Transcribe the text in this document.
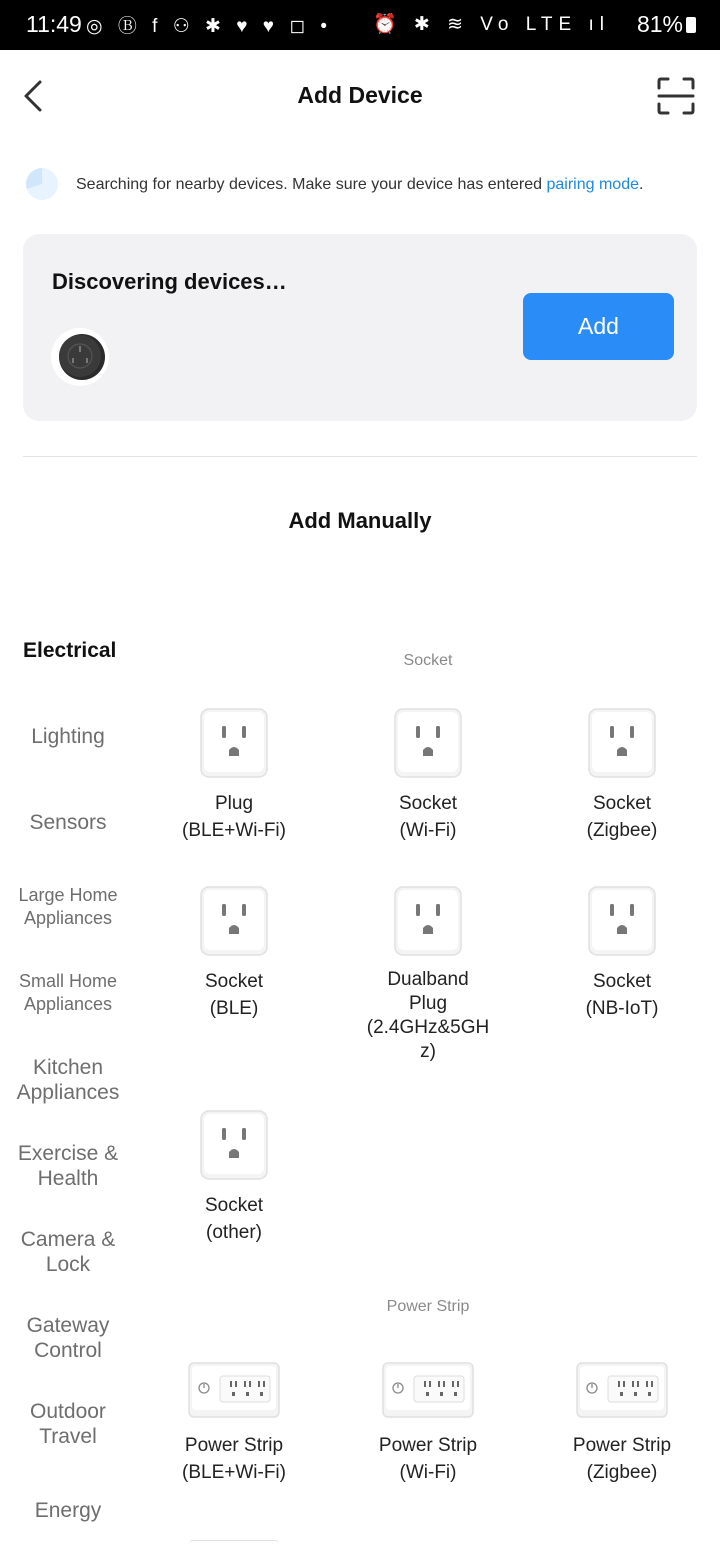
11:49 ◎ Ⓑ f ⚇ ✱ ♥ ♥ ◻ • ⏰ ✱ ≋ Vo LTE ıl 81%
Add Device
Searching for nearby devices. Make sure your device has entered pairing mode.
Discovering devices…
Add
Add Manually
Electrical
Lighting
Sensors
Large Home Appliances
Small Home Appliances
Kitchen Appliances
Exercise & Health
Camera & Lock
Gateway Control
Outdoor Travel
Energy
Socket
Plug
(BLE+Wi-Fi)
Socket
(Wi-Fi)
Socket
(Zigbee)
Socket
(BLE)
Dualband
Plug
(2.4GHz&5GH
z)
Socket
(NB-IoT)
Socket
(other)
Power Strip
Power Strip
(BLE+Wi-Fi)
Power Strip
(Wi-Fi)
Power Strip
(Zigbee)
